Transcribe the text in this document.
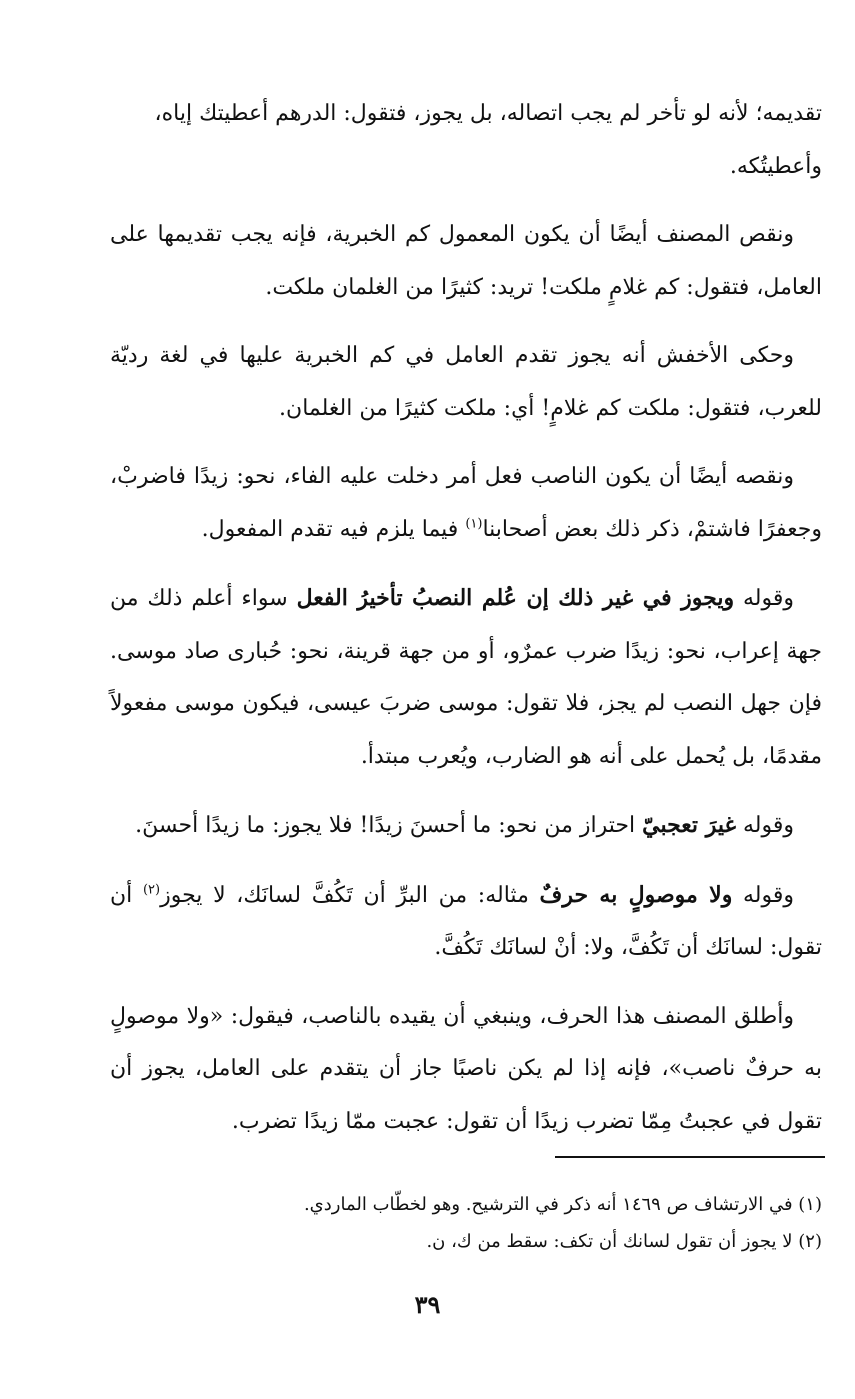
تقديمه؛ لأنه لو تأخر لم يجب اتصاله، بل يجوز، فتقول: الدرهم أعطيتك إياه،
وأعطيتُكه.

ونقص المصنف أيضًا أن يكون المعمول كم الخبرية، فإنه يجب تقديمها على العامل، فتقول: كم غلامٍ ملكت! تريد: كثيرًا من الغلمان ملكت.

وحكى الأخفش أنه يجوز تقدم العامل في كم الخبرية عليها في لغة رديّة للعرب، فتقول: ملكت كم غلامٍ! أي: ملكت كثيرًا من الغلمان.

ونقصه أيضًا أن يكون الناصب فعل أمر دخلت عليه الفاء، نحو: زيدًا فاضربْ، وجعفرًا فاشتمْ، ذكر ذلك بعض أصحابنا$^{(١)}$ فيما يلزم فيه تقدم المفعول.

وقوله ويجوز في غير ذلك إن عُلم النصبُ تأخيرُ الفعل سواء أعلم ذلك من جهة إعراب، نحو: زيدًا ضرب عمرٌو، أو من جهة قرينة، نحو: حُبارى صاد موسى. فإن جهل النصب لم يجز، فلا تقول: موسى ضربَ عيسى، فيكون موسى مفعولاً مقدمًا، بل يُحمل على أنه هو الضارب، ويُعرب مبتدأ.

وقوله غيرَ تعجبيّ احتراز من نحو: ما أحسنَ زيدًا! فلا يجوز: ما زيدًا أحسنَ.

وقوله ولا موصولٍ به حرفٌ مثاله: من البرِّ أن تَكُفَّ لسانَك، لا يجوز$^{(٢)}$ أن تقول: لسانَك أن تَكُفَّ، ولا: أنْ لسانَك تَكُفَّ.

وأطلق المصنف هذا الحرف، وينبغي أن يقيده بالناصب، فيقول: «ولا موصولٍ به حرفٌ ناصب»، فإنه إذا لم يكن ناصبًا جاز أن يتقدم على العامل، يجوز أن تقول في عجبتُ مِمّا تضرب زيدًا أن تقول: عجبت ممّا زيدًا تضرب.

(١) في الارتشاف ص ١٤٦٩ أنه ذكر في الترشيح. وهو لخطّاب الماردي.

(٢) لا يجوز أن تقول لسانك أن تكف: سقط من ك، ن.

٣٩
